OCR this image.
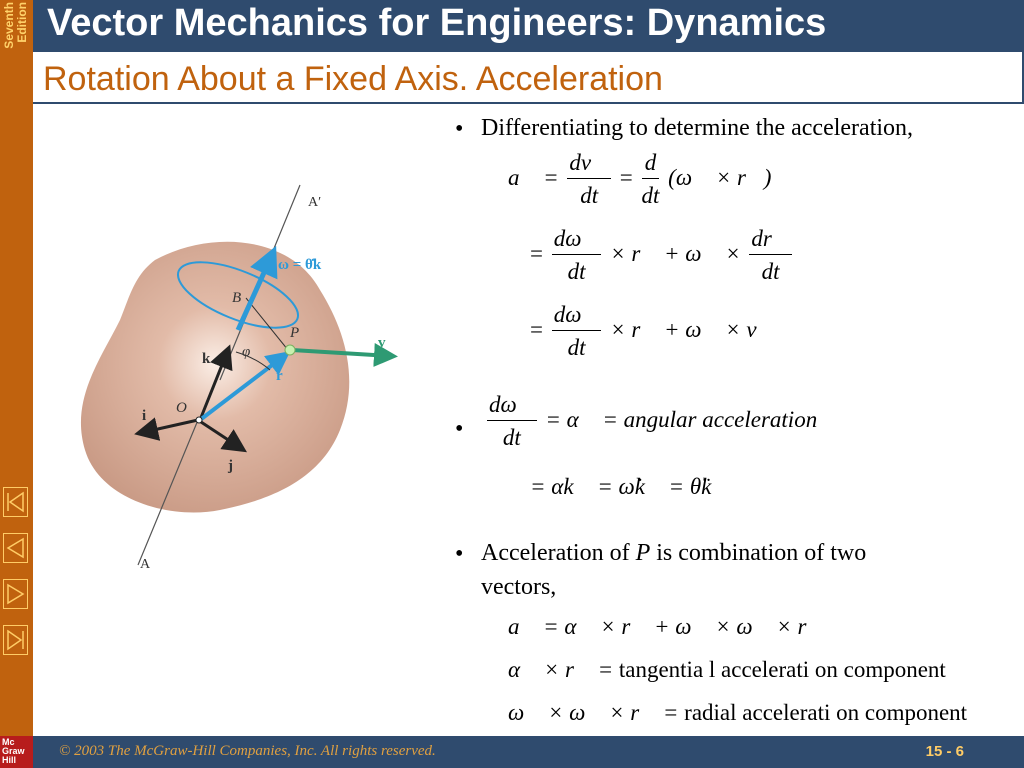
Seventh Edition Vector Mechanics for Engineers: Dynamics
Rotation About a Fixed Axis. Acceleration
A′
ω = θ̇k
B
P
v
k φ
r
O
i
j
A
• Differentiating to determine the acceleration,
a⃗ = $\frac{dv⃗}{dt} = \frac{d}{dt}$ (ω⃗ × r⃗)
= $\frac{d\omega⃗}{dt}$ × r⃗ + ω⃗ × $\frac{dr⃗}{dt}$
= $\frac{d\omega⃗}{dt}$ × r⃗ + ω⃗ × v⃗
• $\frac{d\omega⃗}{dt}$ = α⃗ = angular acceleration
= αk⃗ = ω̇k⃗ = θ̈k⃗
• Acceleration of P is combination of two
vectors,
a⃗ = α⃗ × r⃗ + ω⃗ × ω⃗ × r⃗
α⃗ × r⃗ = tangentia l accelerati on component
ω⃗ × ω⃗ × r⃗ = radial accelerati on component
© 2003 The McGraw-Hill Companies, Inc. All rights reserved.	15 - 6
Mc
Graw
Hill
